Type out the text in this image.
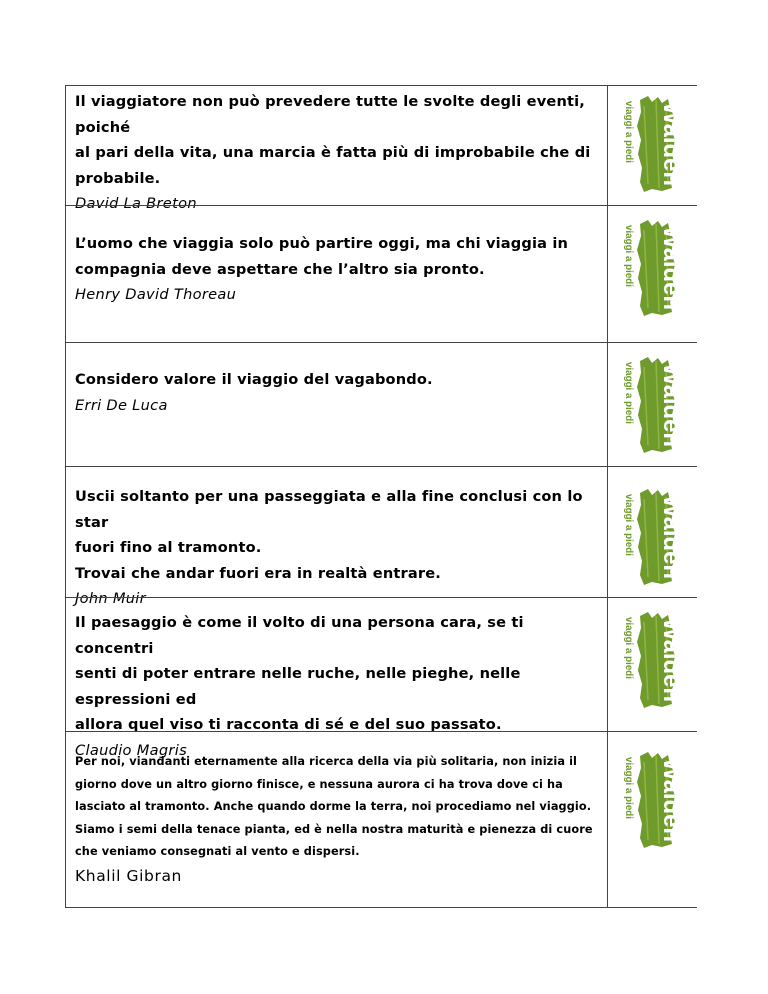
Il viaggiatore non può prevedere tutte le svolte degli eventi, poiché
al pari della vita, una marcia è fatta più di improbabile che di
probabile.
David La Breton
Walden
viaggi a piedi
L’uomo che viaggia solo può partire oggi, ma chi viaggia in
compagnia deve aspettare che l’altro sia pronto.
Henry David Thoreau	Walden
viaggi a piedi
Considero valore il viaggio del vagabondo.
Erri De Luca	Walden
viaggi a piedi
Uscii soltanto per una passeggiata e alla fine conclusi con lo star
fuori fino al tramonto.
Trovai che andar fuori era in realtà entrare.
John Muir
Walden
viaggi a piedi
Il paesaggio è come il volto di una persona cara, se ti concentri
senti di poter entrare nelle ruche, nelle pieghe, nelle espressioni ed
allora quel viso ti racconta di sé e del suo passato.
Claudio Magris
Walden
viaggi a piedi
Per noi, viandanti eternamente alla ricerca della via più solitaria, non inizia il
giorno dove un altro giorno finisce, e nessuna aurora ci ha trova dove ci ha
lasciato al tramonto. Anche quando dorme la terra, noi procediamo nel viaggio.
Siamo i semi della tenace pianta, ed è nella nostra maturità e pienezza di cuore
che veniamo consegnati al vento e dispersi.
Khalil Gibran
Walden
viaggi a piedi
